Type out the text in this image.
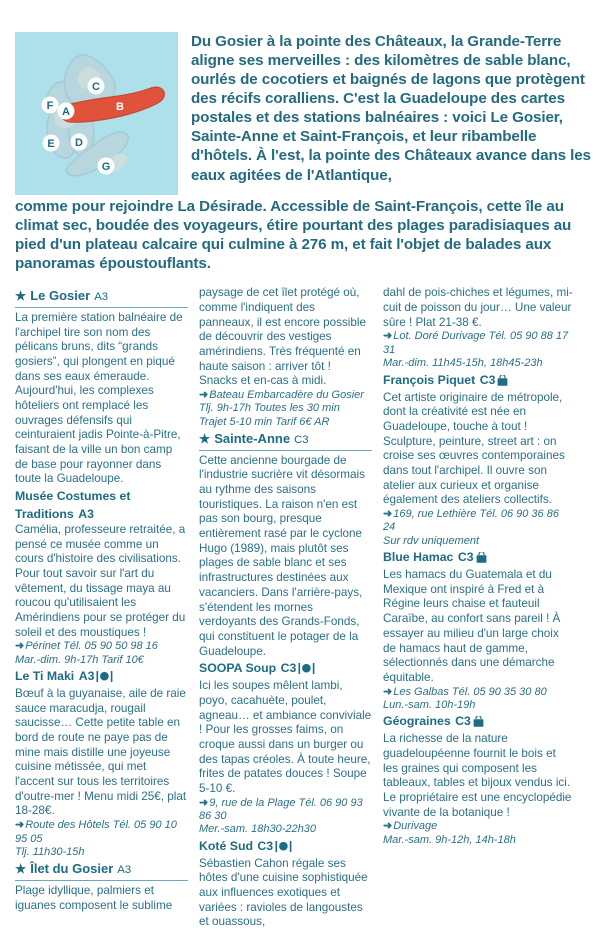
A	B
C
D
E
F
G
Du Gosier à la pointe des Châteaux, la Grande-Terre aligne ses merveilles : des kilomètres de sable blanc, ourlés de cocotiers et baignés de lagons que protègent des récifs coralliens. C'est la Guadeloupe des cartes postales et des stations balnéaires : voici Le Gosier, Sainte-Anne et Saint-François, et leur ribambelle d'hôtels. À l'est, la pointe des Châteaux avance dans les eaux agitées de l'Atlantique,
comme pour rejoindre La Désirade. Accessible de Saint-François, cette île au climat sec, boudée des voyageurs, étire pourtant des plages paradisiaques au pied d'un plateau calcaire qui culmine à 276 m, et fait l'objet de balades aux panoramas époustouflants.
★ Le Gosier A3

La première station balnéaire de l'archipel tire son nom des pélicans bruns, dits “grands gosiers”, qui plongent en piqué dans ses eaux émeraude. Aujourd'hui, les complexes hôteliers ont remplacé les ouvrages défensifs qui ceinturaient jadis Pointe-à-Pitre, faisant de la ville un bon camp de base pour rayonner dans toute la Guadeloupe.

Musée Costumes et Traditions A3

Camélia, professeure retraitée, a pensé ce musée comme un cours d'histoire des civilisations. Pour tout savoir sur l'art du vêtement, du tissage maya au roucou qu'utilisaient les Amérindiens pour se protéger du soleil et des moustiques !

➜Périnet Tél. 05 90 50 98 16

Mar.-dim. 9h-17h Tarif 10€

Le Ti Maki A3

Bœuf à la guyanaise, aile de raie sauce maracudja, rougail saucisse… Cette petite table en bord de route ne paye pas de mine mais distille une joyeuse cuisine métissée, qui met l'accent sur tous les territoires d'outre-mer ! Menu midi 25€, plat 18-28€.

➜Route des Hôtels Tél. 05 90 10 95 05

Tlj. 11h30-15h

★ Îlet du Gosier A3

Plage idyllique, palmiers et iguanes composent le sublime

paysage de cet îlet protégé où, comme l'indiquent des panneaux, il est encore possible de découvrir des vestiges amérindiens. Très fréquenté en haute saison : arriver tôt ! Snacks et en-cas à midi.

➜Bateau Embarcadère du Gosier

Tlj. 9h-17h Toutes les 30 min

Trajet 5-10 min Tarif 6€ AR

★ Sainte-Anne C3

Cette ancienne bourgade de l'industrie sucrière vit désormais au rythme des saisons touristiques. La raison n'en est pas son bourg, presque entièrement rasé par le cyclone Hugo (1989), mais plutôt ses plages de sable blanc et ses infrastructures destinées aux vacanciers. Dans l'arrière-pays, s'étendent les mornes verdoyants des Grands-Fonds, qui constituent le potager de la Guadeloupe.

SOOPA Soup C3

Ici les soupes mêlent lambi, poyo, cacahuète, poulet, agneau… et ambiance conviviale ! Pour les grosses faims, on croque aussi dans un burger ou des tapas créoles. À toute heure, frites de patates douces ! Soupe 5-10 €.

➜9, rue de la Plage Tél. 06 90 93 86 30

Mer.-sam. 18h30-22h30

Koté Sud C3

Sébastien Cahon régale ses hôtes d'une cuisine sophistiquée aux influences exotiques et variées : ravioles de langoustes et ouassous,

dahl de pois-chiches et légumes, mi-cuit de poisson du jour… Une valeur sûre ! Plat 21-38 €.

➜Lot. Doré Durivage Tél. 05 90 88 17 31

Mar.-dim. 11h45-15h, 18h45-23h

François Piquet C3

Cet artiste originaire de métropole, dont la créativité est née en Guadeloupe, touche à tout ! Sculpture, peinture, street art : on croise ses œuvres contemporaines dans tout l'archipel. Il ouvre son atelier aux curieux et organise également des ateliers collectifs.

➜169, rue Lethière Tél. 06 90 36 86 24

Sur rdv uniquement

Blue Hamac C3

Les hamacs du Guatemala et du Mexique ont inspiré à Fred et à Régine leurs chaise et fauteuil Caraïbe, au confort sans pareil ! À essayer au milieu d'un large choix de hamacs haut de gamme, sélectionnés dans une démarche équitable.

➜Les Galbas Tél. 05 90 35 30 80

Lun.-sam. 10h-19h

Géograines C3

La richesse de la nature guadeloupéenne fournit le bois et les graines qui composent les tableaux, tables et bijoux vendus ici. Le propriétaire est une encyclopédie vivante de la botanique !

➜Durivage

Mar.-sam. 9h-12h, 14h-18h
